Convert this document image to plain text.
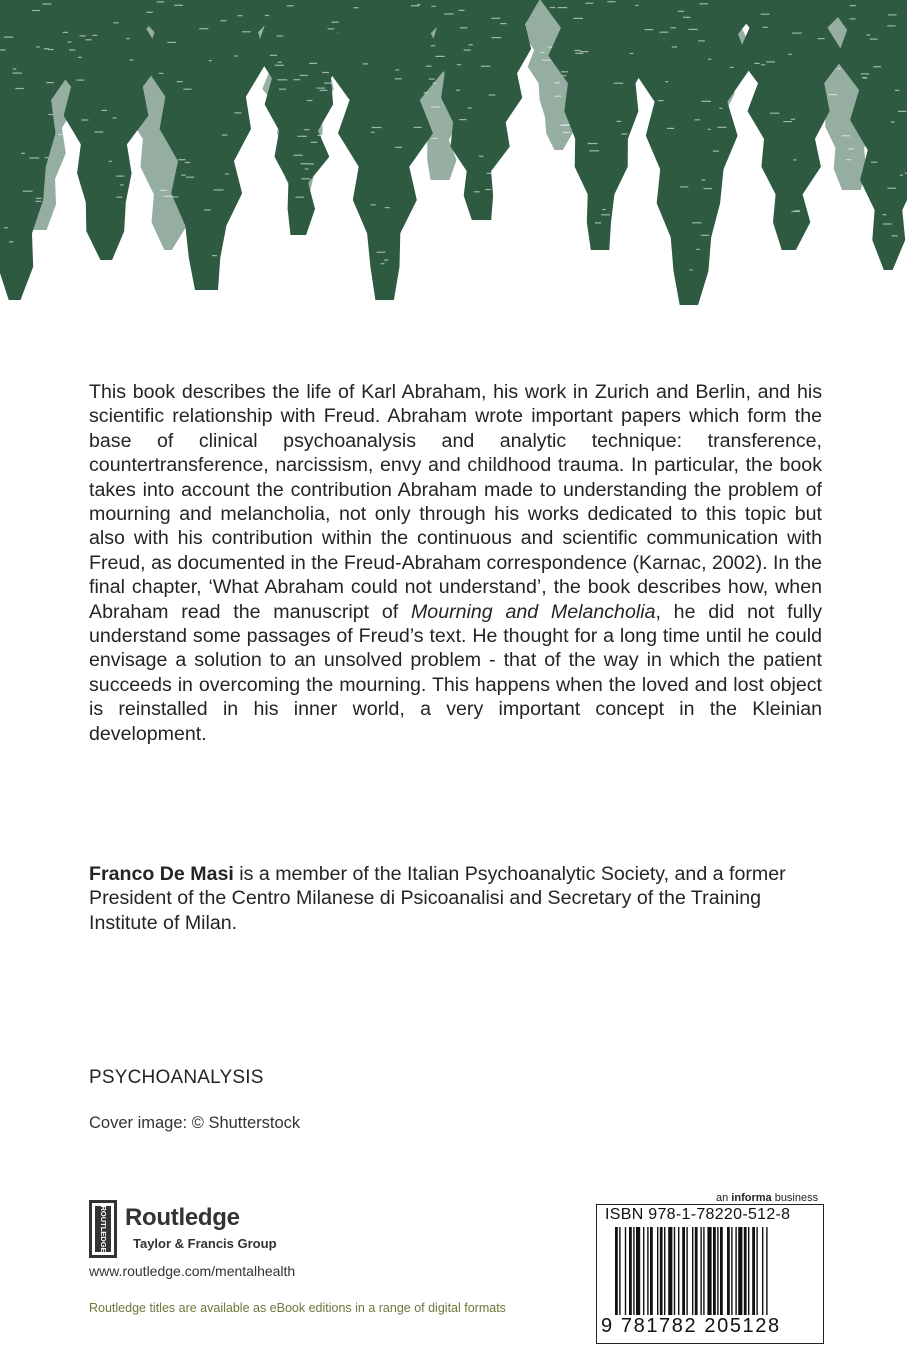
This book describes the life of Karl Abraham, his work in Zurich and Berlin, and his scientific relationship with Freud. Abraham wrote important papers which form the base of clinical psychoanalysis and analytic technique: transference, countertransference, narcissism, envy and childhood trauma. In particular, the book takes into account the contribution Abraham made to understanding the problem of mourning and melancholia, not only through his works dedicated to this topic but also with his contribution within the continuous and scientific communication with Freud, as documented in the Freud-Abraham correspondence (Karnac, 2002). In the final chapter, ‘What Abraham could not understand’, the book describes how, when Abraham read the manuscript of Mourning and Melancholia, he did not fully understand some passages of Freud’s text. He thought for a long time until he could envisage a solution to an unsolved problem - that of the way in which the patient succeeds in overcoming the mourning. This happens when the loved and lost object is reinstalled in his inner world, a very important concept in the Kleinian development.

Franco De Masi is a member of the Italian Psychoanalytic Society, and a former President of the Centro Milanese di Psicoanalisi and Secretary of the Training Institute of Milan.

PSYCHOANALYSIS
Cover image: © Shutterstock
ROUTLEDGE Routledge
Taylor & Francis Group
www.routledge.com/mentalhealth
Routledge titles are available as eBook editions in a range of digital formats
an informa business
ISBN 978-1-78220-512-8
9 781782 205128
